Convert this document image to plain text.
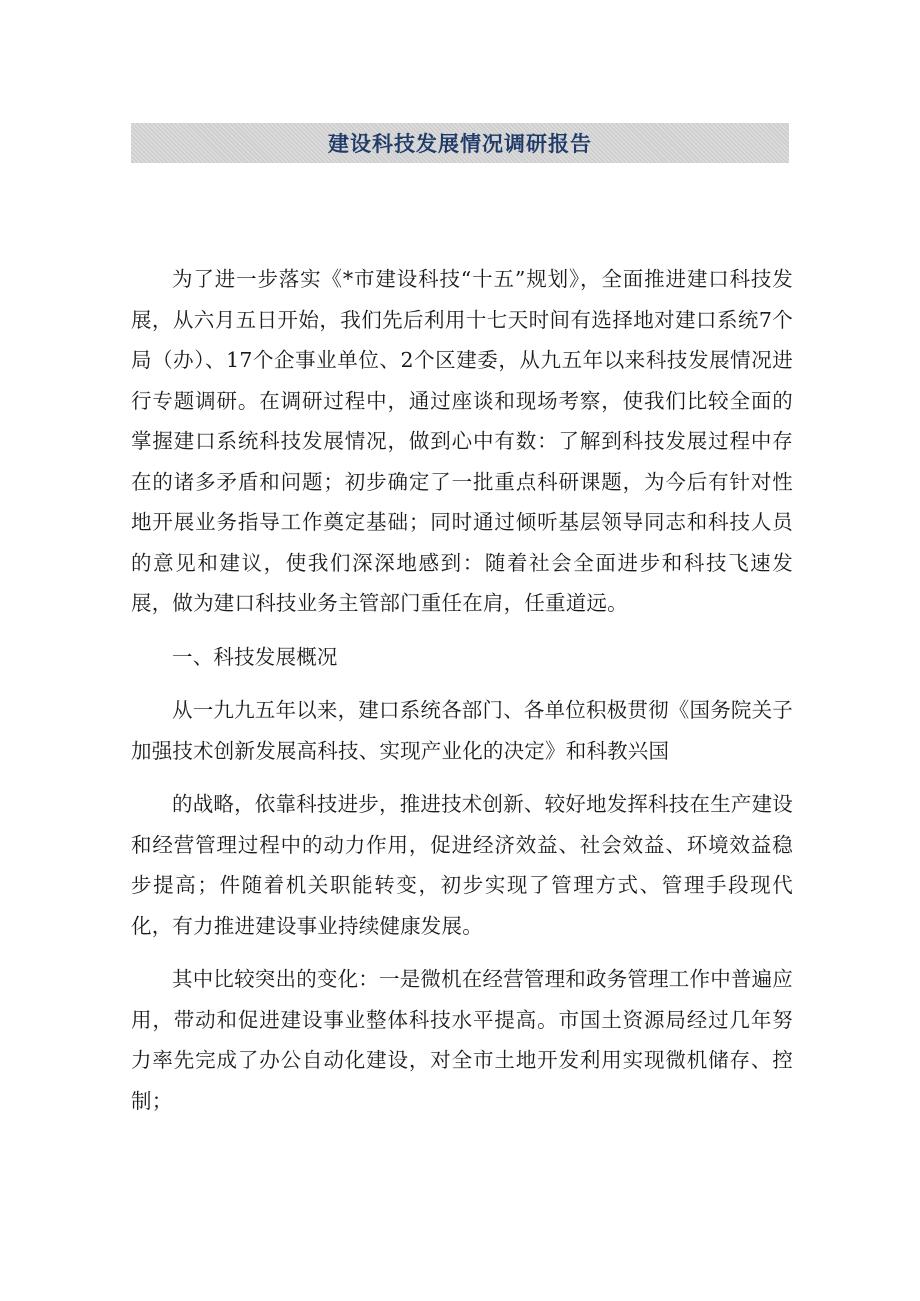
建设科技发展情况调研报告

为了进一步落实《*市建设科技“十五”规划》，全面推进建口科技发展，从六月五日开始，我们先后利用十七天时间有选择地对建口系统7个局（办）、17个企事业单位、2个区建委，从九五年以来科技发展情况进行专题调研。在调研过程中，通过座谈和现场考察，使我们比较全面的掌握建口系统科技发展情况，做到心中有数：了解到科技发展过程中存在的诸多矛盾和问题；初步确定了一批重点科研课题，为今后有针对性地开展业务指导工作奠定基础；同时通过倾听基层领导同志和科技人员的意见和建议，使我们深深地感到：随着社会全面进步和科技飞速发展，做为建口科技业务主管部门重任在肩，任重道远。

一、科技发展概况

从一九九五年以来，建口系统各部门、各单位积极贯彻《国务院关子加强技术创新发展高科技、实现产业化的决定》和科教兴国

的战略，依靠科技进步，推进技术创新、较好地发挥科技在生产建设和经营管理过程中的动力作用，促进经济效益、社会效益、环境效益稳步提高；件随着机关职能转变，初步实现了管理方式、管理手段现代化，有力推进建设事业持续健康发展。

其中比较突出的变化：一是微机在经营管理和政务管理工作中普遍应用，带动和促进建设事业整体科技水平提高。市国土资源局经过几年努力率先完成了办公自动化建设，对全市土地开发利用实现微机储存、控制；
